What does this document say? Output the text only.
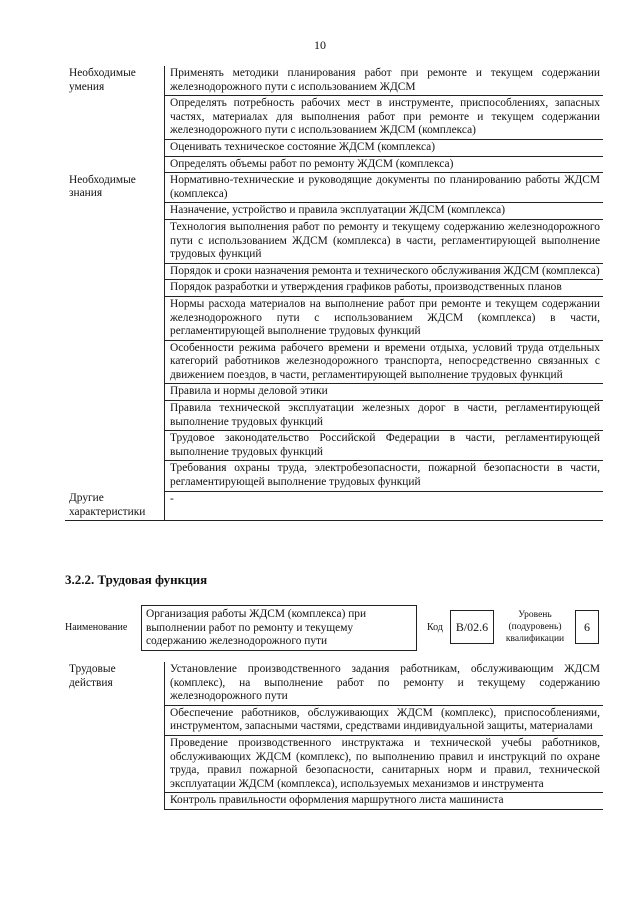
10
Необходимые умения	Применять методики планирования работ при ремонте и текущем содержании железнодорожного пути с использованием ЖДСМ
	Определять потребность рабочих мест в инструменте, приспособлениях, запасных частях, материалах для выполнения работ при ремонте и текущем содержании железнодорожного пути с использованием ЖДСМ (комплекса)
	Оценивать техническое состояние ЖДСМ (комплекса)
	Определять объемы работ по ремонту ЖДСМ (комплекса)
Необходимые знания	Нормативно-технические и руководящие документы по планированию работы ЖДСМ (комплекса)
	Назначение, устройство и правила эксплуатации ЖДСМ (комплекса)
	Технология выполнения работ по ремонту и текущему содержанию железнодорожного пути с использованием ЖДСМ (комплекса) в части, регламентирующей выполнение трудовых функций
	Порядок и сроки назначения ремонта и технического обслуживания ЖДСМ (комплекса)
	Порядок разработки и утверждения графиков работы, производственных планов
	Нормы расхода материалов на выполнение работ при ремонте и текущем содержании железнодорожного пути с использованием ЖДСМ (комплекса) в части, регламентирующей выполнение трудовых функций
	Особенности режима рабочего времени и времени отдыха, условий труда отдельных категорий работников железнодорожного транспорта, непосредственно связанных с движением поездов, в части, регламентирующей выполнение трудовых функций
	Правила и нормы деловой этики
	Правила технической эксплуатации железных дорог в части, регламентирующей выполнение трудовых функций
	Трудовое законодательство Российской Федерации в части, регламентирующей выполнение трудовых функций
	Требования охраны труда, электробезопасности, пожарной безопасности в части, регламентирующей выполнение трудовых функций
Другие характеристики	-
3.2.2. Трудовая функция
Наименование
Организация работы ЖДСМ (комплекса) при выполнении работ по ремонту и текущему содержанию железнодорожного пути
Код	B/02.6
Уровень (подуровень) квалификации
6
Трудовые действия	Установление производственного задания работникам, обслуживающим ЖДСМ (комплекс), на выполнение работ по ремонту и текущему содержанию железнодорожного пути
Обеспечение работников, обслуживающих ЖДСМ (комплекс), приспособлениями, инструментом, запасными частями, средствами индивидуальной защиты, материалами
Проведение производственного инструктажа и технической учебы работников, обслуживающих ЖДСМ (комплекс), по выполнению правил и инструкций по охране труда, правил пожарной безопасности, санитарных норм и правил, технической эксплуатации ЖДСМ (комплекса), используемых механизмов и инструмента
Контроль правильности оформления маршрутного листа машиниста
